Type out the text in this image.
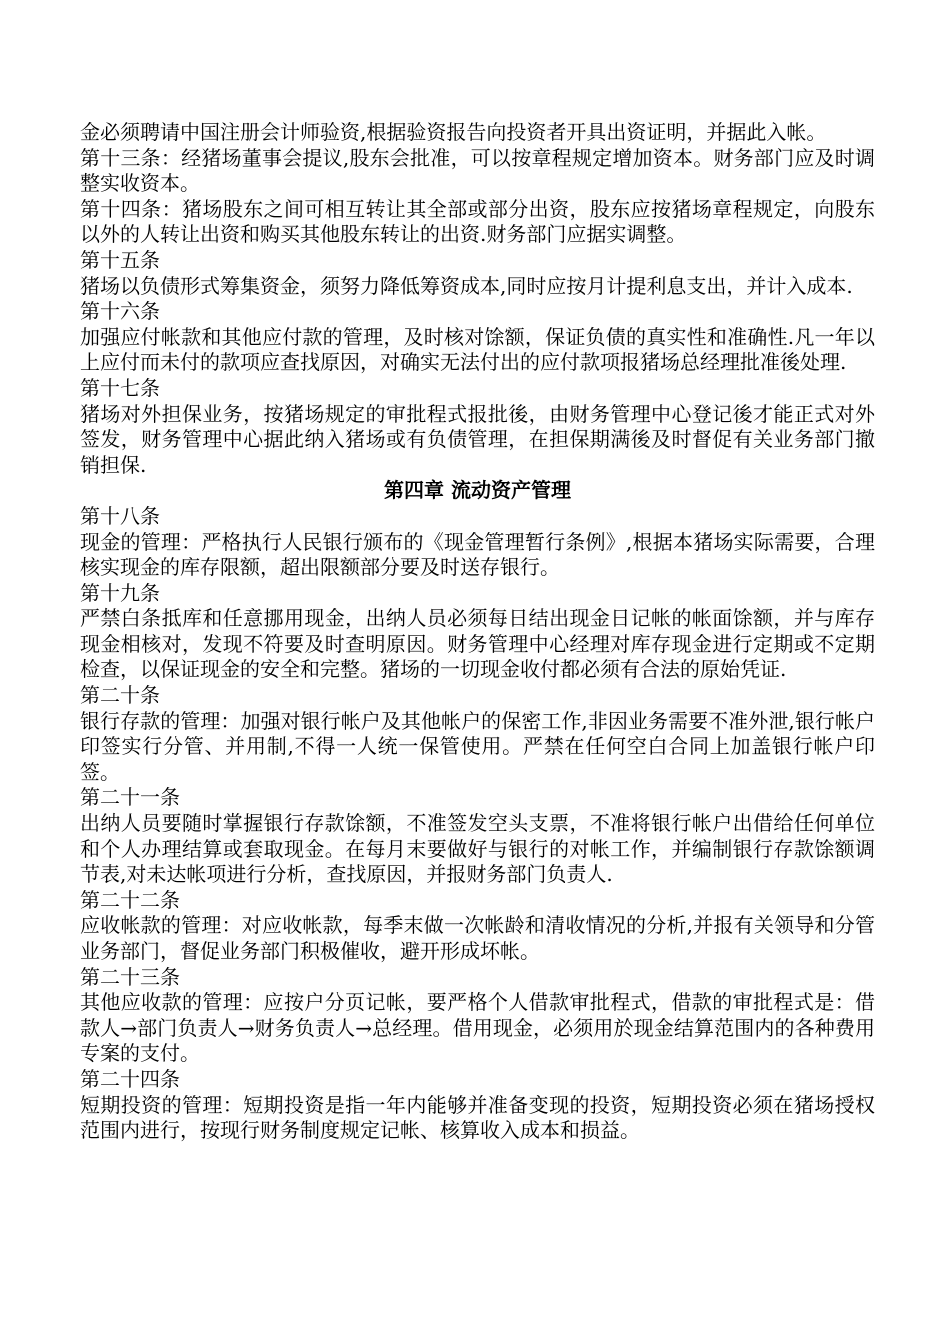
金必须聘请中国注册会计师验资,根据验资报告向投资者开具出资证明，并据此入帐。

第十三条：经猪场董事会提议,股东会批准，可以按章程规定增加资本。财务部门应及时调整实收资本。

第十四条：猪场股东之间可相互转让其全部或部分出资，股东应按猪场章程规定，向股东以外的人转让出资和购买其他股东转让的出资.财务部门应据实调整。

第十五条

猪场以负债形式筹集资金，须努力降低筹资成本,同时应按月计提利息支出，并计入成本.

第十六条

加强应付帐款和其他应付款的管理，及时核对馀额，保证负债的真实性和准确性.凡一年以上应付而未付的款项应查找原因，对确实无法付出的应付款项报猪场总经理批准後处理.

第十七条

猪场对外担保业务，按猪场规定的审批程式报批後，由财务管理中心登记後才能正式对外签发，财务管理中心据此纳入猪场或有负债管理，在担保期满後及时督促有关业务部门撤销担保.

第四章 流动资产管理

第十八条

现金的管理：严格执行人民银行颁布的《现金管理暂行条例》,根据本猪场实际需要，合理核实现金的库存限额，超出限额部分要及时送存银行。

第十九条

严禁白条抵库和任意挪用现金，出纳人员必须每日结出现金日记帐的帐面馀额，并与库存现金相核对，发现不符要及时查明原因。财务管理中心经理对库存现金进行定期或不定期检查，以保证现金的安全和完整。猪场的一切现金收付都必须有合法的原始凭证.

第二十条

银行存款的管理：加强对银行帐户及其他帐户的保密工作,非因业务需要不准外泄,银行帐户印签实行分管、并用制,不得一人统一保管使用。严禁在任何空白合同上加盖银行帐户印签。

第二十一条

出纳人员要随时掌握银行存款馀额，不准签发空头支票，不准将银行帐户出借给任何单位和个人办理结算或套取现金。在每月末要做好与银行的对帐工作，并编制银行存款馀额调节表,对未达帐项进行分析，查找原因，并报财务部门负责人.

第二十二条

应收帐款的管理：对应收帐款，每季末做一次帐龄和清收情况的分析,并报有关领导和分管业务部门，督促业务部门积极催收，避开形成坏帐。

第二十三条

其他应收款的管理：应按户分页记帐，要严格个人借款审批程式，借款的审批程式是：借款人→部门负责人→财务负责人→总经理。借用现金，必须用於现金结算范围内的各种费用专案的支付。

第二十四条

短期投资的管理：短期投资是指一年内能够并准备变现的投资，短期投资必须在猪场授权范围内进行，按现行财务制度规定记帐、核算收入成本和损益。
